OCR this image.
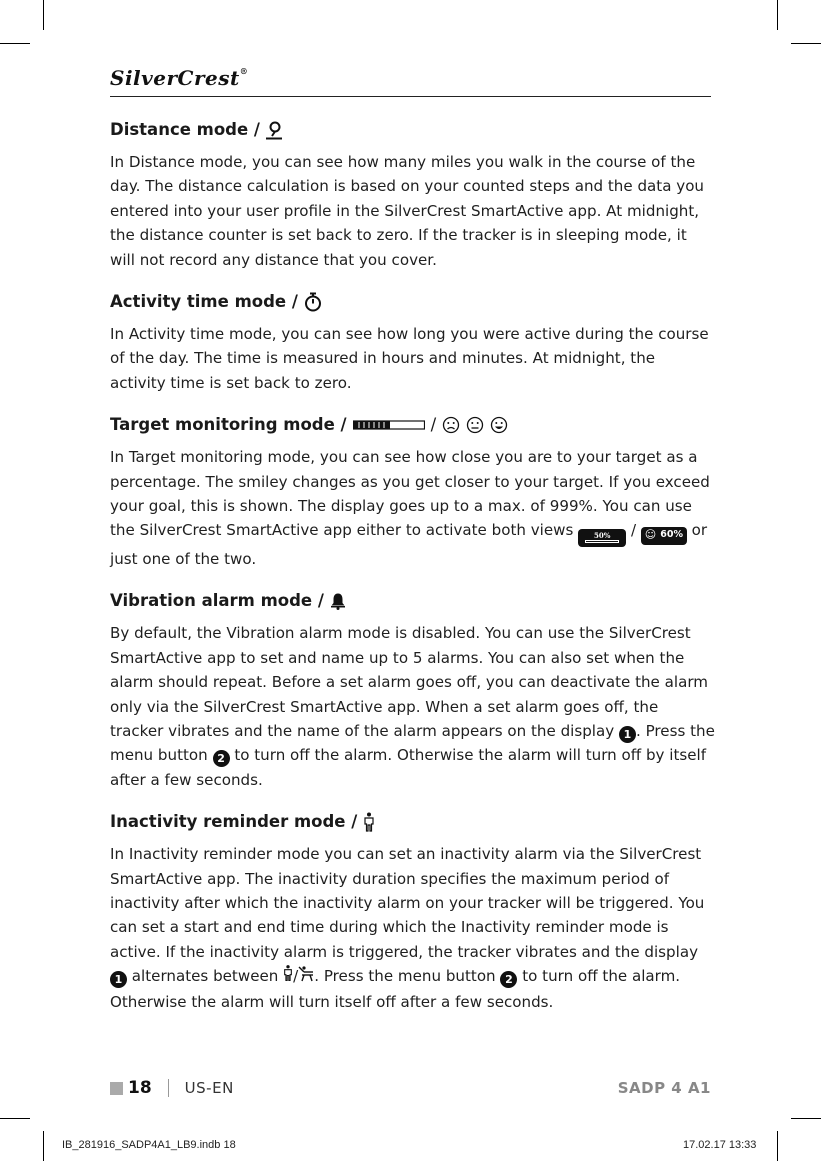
SilverCrest®
Distance mode /

In Distance mode, you can see how many miles you walk in the course of the day. The distance calculation is based on your counted steps and the data you entered into your user profile in the SilverCrest SmartActive app. At midnight, the distance counter is set back to zero. If the tracker is in sleeping mode, it will not record any distance that you cover.

Activity time mode /

In Activity time mode, you can see how long you were active during the course of the day. The time is measured in hours and minutes. At midnight, the activity time is set back to zero.

Target monitoring mode /	/

In Target monitoring mode, you can see how close you are to your target as a percentage. The smiley changes as you get closer to your target. If you exceed your goal, this is shown. The display goes up to a max. of 999%. You can use the SilverCrest SmartActive app either to activate both views 50% / ☺ 60% or just one of the two.

Vibration alarm mode /

By default, the Vibration alarm mode is disabled. You can use the SilverCrest SmartActive app to set and name up to 5 alarms. You can also set when the alarm should repeat. Before a set alarm goes off, you can deactivate the alarm only via the SilverCrest SmartActive app. When a set alarm goes off, the tracker vibrates and the name of the alarm appears on the display 1 . Press the menu button 2 to turn off the alarm. Otherwise the alarm will turn off by itself after a few seconds.

Inactivity reminder mode /

In Inactivity reminder mode you can set an inactivity alarm via the SilverCrest SmartActive app. The inactivity duration specifies the maximum period of inactivity after which the inactivity alarm on your tracker will be triggered. You can set a start and end time during which the Inactivity reminder mode is active. If the inactivity alarm is triggered, the tracker vibrates and the display 1 alternates between / . Press the menu button 2 to turn off the alarm. Otherwise the alarm will turn itself off after a few seconds.

18 US-EN	SADP 4 A1
IB_281916_SADP4A1_LB9.indb 18	17.02.17 13:33
